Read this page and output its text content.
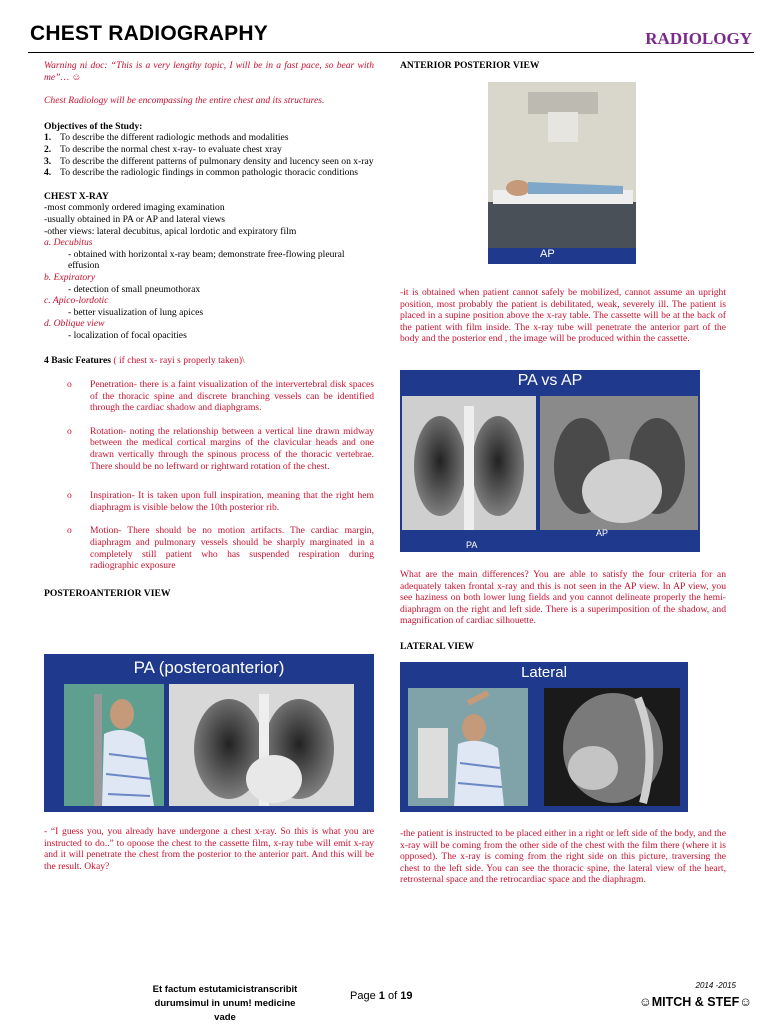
CHEST RADIOGRAPHY	RADIOLOGY

Warning ni doc: “This is a very lengthy topic, I will be in a fast pace, so bear with me”… ☺

Chest Radiology will be encompassing the entire chest and its structures.

Objectives of the Study:

1. To describe the different radiologic methods and modalities
2. To describe the normal chest x-ray- to evaluate chest xray
3. To describe the different patterns of pulmonary density and lucency seen on x-ray
4. To describe the radiologic findings in common pathologic thoracic conditions

CHEST X-RAY

-most commonly ordered imaging examination

-usually obtained in PA or AP and lateral views

-other views: lateral decubitus, apical lordotic and expiratory film

a. Decubitus

- obtained with horizontal x-ray beam; demonstrate free-flowing pleural effusion

b. Expiratory

- detection of small pneumothorax

c. Apico-lordotic

- better visualization of lung apices

d. Oblique view

- localization of focal opacities

4 Basic Features ( if chest x- rayi s properly taken)\

o Penetration- there is a faint visualization of the intervertebral disk spaces of the thoracic spine and discrete branching vessels can be identified through the cardiac shadow and diaphgrams.
o Rotation- noting the relationship between a vertical line drawn midway between the medical cortical margins of the clavicular heads and one drawn vertically through the spinous process of the thoracic vertebrae. There should be no leftward or rightward rotation of the chest.
o Inspiration- It is taken upon full inspiration, meaning that the right hem diaphragm is visible below the 10th posterior rib.
o Motion- There should be no motion artifacts. The cardiac margin, diaphragm and pulmonary vessels should be sharply marginated in a completely still patient who has suspended respiration during radiographic exposure

POSTEROANTERIOR VIEW

PA (posteroanterior)
- “I guess you, you already have undergone a chest x-ray. So this is what you are instructed to do..” to opoose the chest to the cassette film, x-ray tube will emit x-ray and it will penetrate the chest from the posterior to the anterior part. And this will be the result. Okay?

ANTERIOR POSTERIOR VIEW

AP
-it is obtained when patient cannot safely be mobilized, cannot assume an upright position, most probably the patient is debilitated, weak, severely ill. The patient is placed in a supine position above the x-ray table. The cassette will be at the back of the patient with film inside. The x-ray tube will penetrate the anterior part of the body and the posterior end , the image will be produced within the cassette.
PA vs AP
PA
AP
What are the main differences? You are able to satisfy the four criteria for an adequately taken frontal x-ray and this is not seen in the AP view. In AP view, you see haziness on both lower lung fields and you cannot delineate properly the hemi-diaphragm on the right and left side. There is a superimposition of the shadow, and magnification of cardiac silhouette.

LATERAL VIEW

Lateral
-the patient is instructed to be placed either in a right or left side of the body, and the x-ray will be coming from the other side of the chest with the film there (where it is opposed). The x-ray is coming from the right side on this picture, traversing the chest to the left side. You can see the thoracic spine, the lateral view of the heart, retrosternal space and the retrocardiac space and the diaphragm.
Et factum estutamicistranscribit
durumsimul in unum! medicine vade
Page 1 of 19
2014 -2015
☺MITCH & STEF☺
